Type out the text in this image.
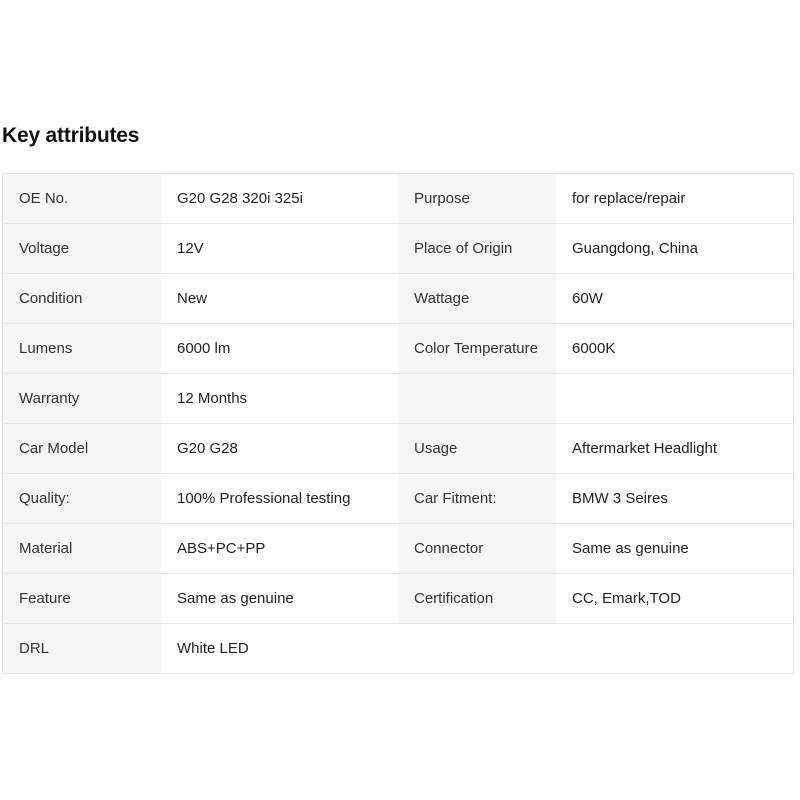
Key attributes
OE No.	G20 G28 320i 325i	Purpose	for replace/repair
Voltage	12V	Place of Origin	Guangdong, China
Condition	New	Wattage	60W
Lumens	6000 lm	Color Temperature	6000K
Warranty	12 Months		
Car Model	G20 G28	Usage	Aftermarket Headlight
Quality:	100% Professional testing	Car Fitment:	BMW 3 Seires
Material	ABS+PC+PP	Connector	Same as genuine
Feature	Same as genuine	Certification	CC, Emark,TOD
DRL	White LED		
